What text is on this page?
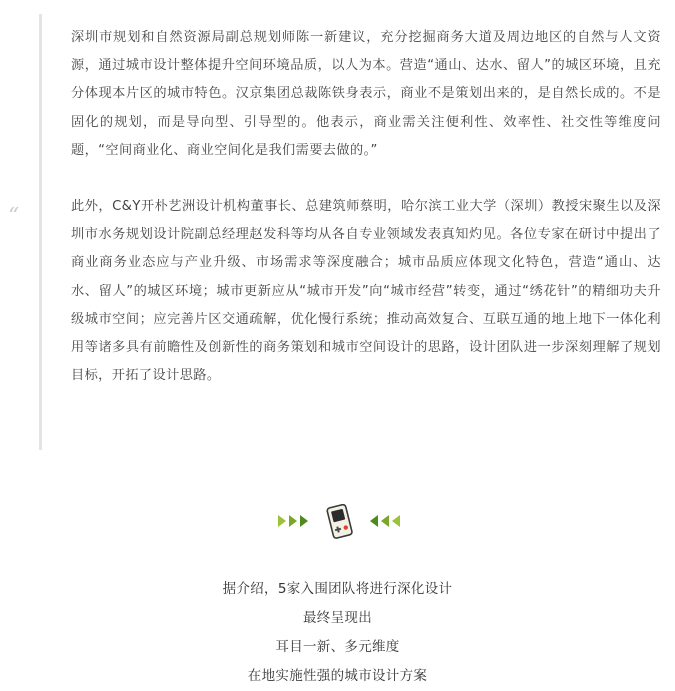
“

深圳市规划和自然资源局副总规划师陈一新建议，充分挖掘商务大道及周边地区的自然与人文资源，通过城市设计整体提升空间环境品质，以人为本。营造“通山、达水、留人”的城区环境，且充分体现本片区的城市特色。汉京集团总裁陈铁身表示，商业不是策划出来的，是自然长成的。不是固化的规划，而是导向型、引导型的。他表示，商业需关注便利性、效率性、社交性等维度问题，“空间商业化、商业空间化是我们需要去做的。”

此外，C&Y开朴艺洲设计机构董事长、总建筑师蔡明，哈尔滨工业大学（深圳）教授宋聚生以及深圳市水务规划设计院副总经理赵发科等均从各自专业领域发表真知灼见。各位专家在研讨中提出了商业商务业态应与产业升级、市场需求等深度融合；城市品质应体现文化特色，营造“通山、达水、留人”的城区环境；城市更新应从“城市开发”向“城市经营”转变，通过“绣花针”的精细功夫升级城市空间；应完善片区交通疏解，优化慢行系统；推动高效复合、互联互通的地上地下一体化利用等诸多具有前瞻性及创新性的商务策划和城市空间设计的思路，设计团队进一步深刻理解了规划目标，开拓了设计思路。

据介绍，5家入围团队将进行深化设计
最终呈现出
耳目一新、多元维度
在地实施性强的城市设计方案
